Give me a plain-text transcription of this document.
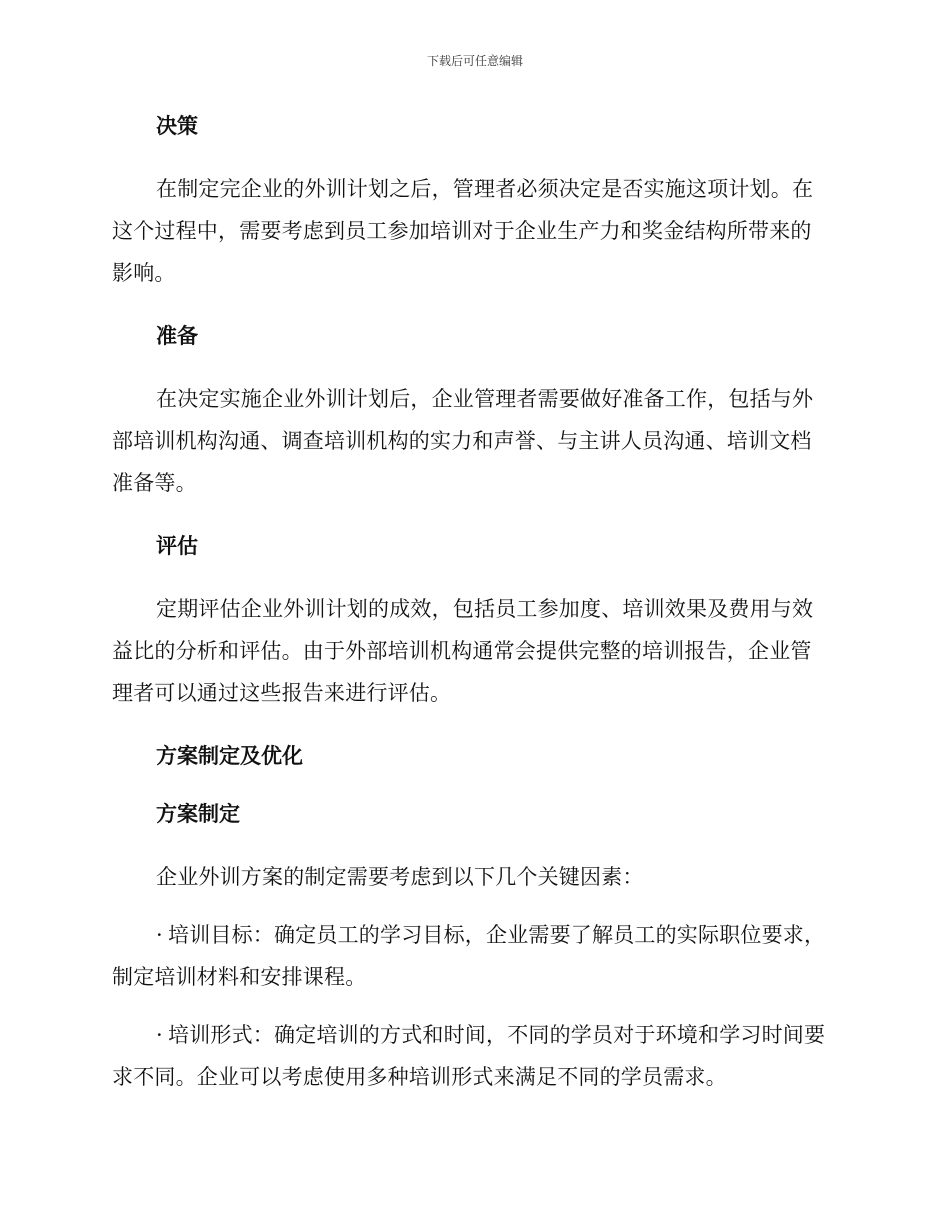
下载后可任意编辑

决策

在制定完企业的外训计划之后，管理者必须决定是否实施这项计划。在这个过程中，需要考虑到员工参加培训对于企业生产力和奖金结构所带来的影响。

准备

在决定实施企业外训计划后，企业管理者需要做好准备工作，包括与外部培训机构沟通、调查培训机构的实力和声誉、与主讲人员沟通、培训文档准备等。

评估

定期评估企业外训计划的成效，包括员工参加度、培训效果及费用与效益比的分析和评估。由于外部培训机构通常会提供完整的培训报告，企业管理者可以通过这些报告来进行评估。

方案制定及优化

方案制定

企业外训方案的制定需要考虑到以下几个关键因素：

· 培训目标：确定员工的学习目标，企业需要了解员工的实际职位要求，制定培训材料和安排课程。

· 培训形式：确定培训的方式和时间，不同的学员对于环境和学习时间要求不同。企业可以考虑使用多种培训形式来满足不同的学员需求。
